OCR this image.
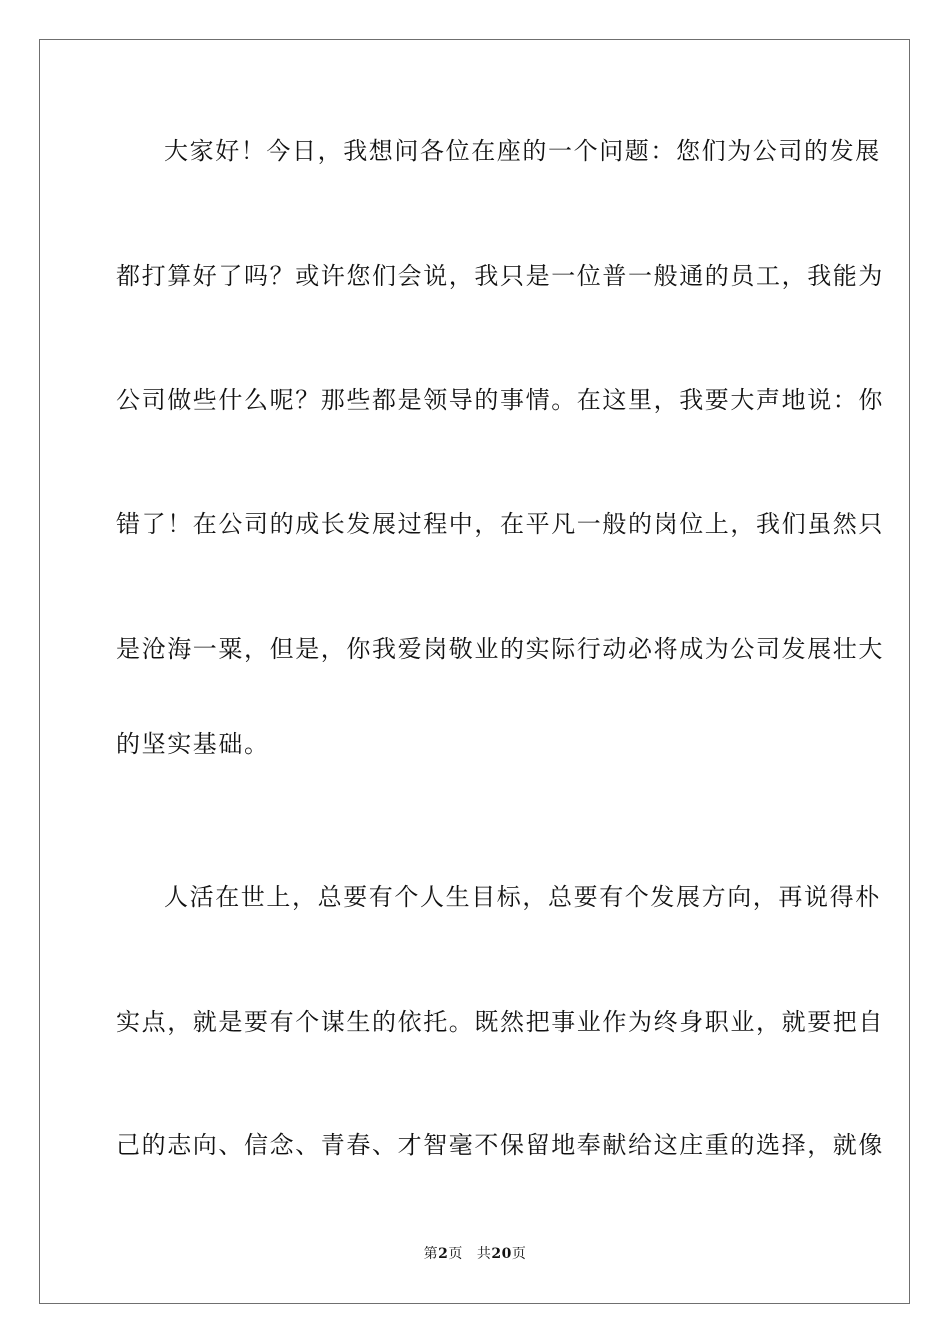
大家好！今日，我想问各位在座的一个问题：您们为公司的发展
都打算好了吗？或许您们会说，我只是一位普一般通的员工，我能为
公司做些什么呢？那些都是领导的事情。在这里，我要大声地说：你
错了！在公司的成长发展过程中，在平凡一般的岗位上，我们虽然只
是沧海一粟，但是，你我爱岗敬业的实际行动必将成为公司发展壮大
的坚实基础。
人活在世上，总要有个人生目标，总要有个发展方向，再说得朴
实点，就是要有个谋生的依托。既然把事业作为终身职业，就要把自
己的志向、信念、青春、才智毫不保留地奉献给这庄重的选择，就像
第2页 共20页
